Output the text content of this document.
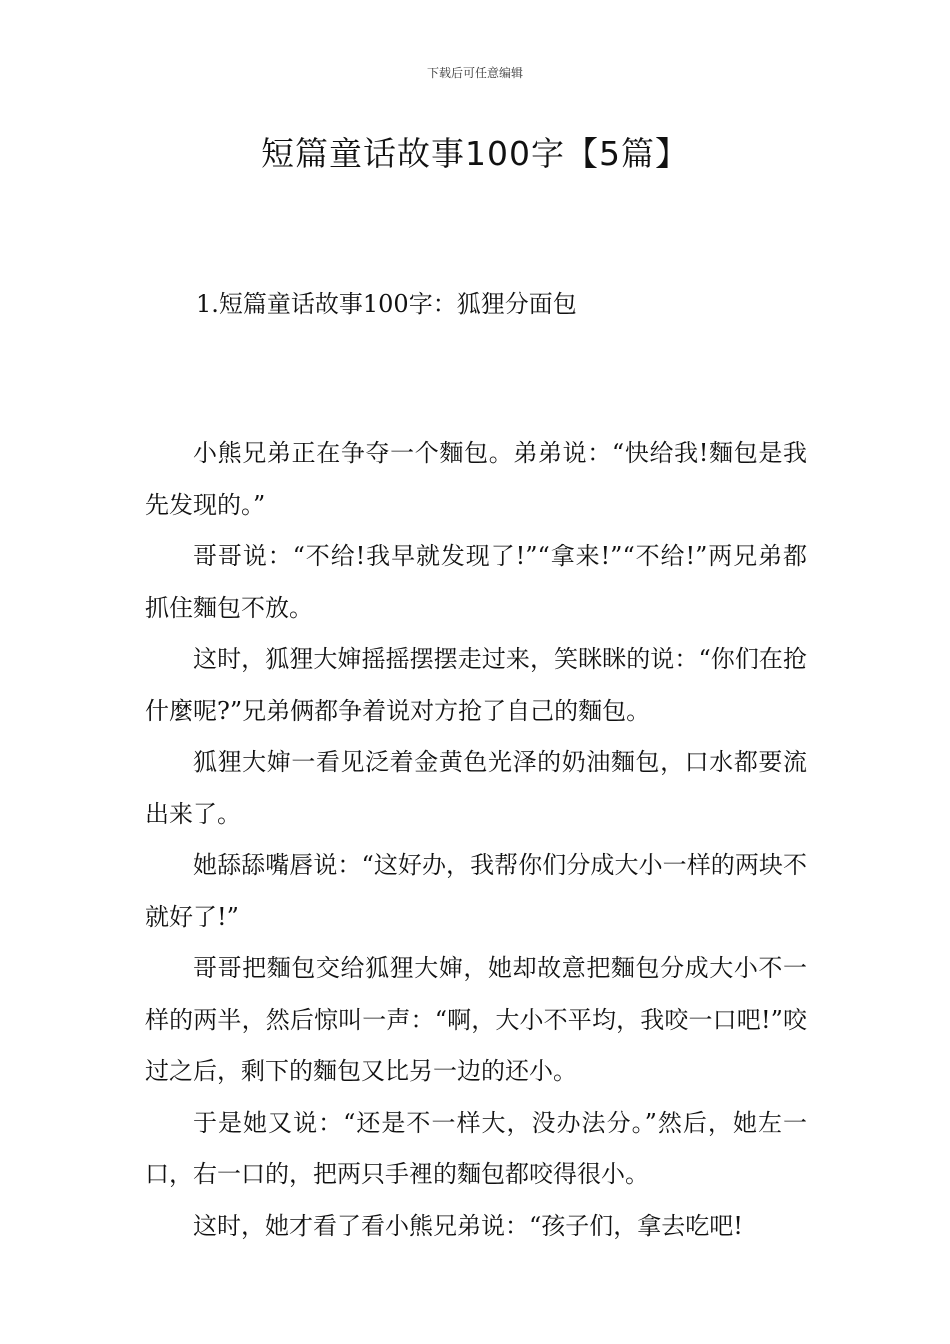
下载后可任意编辑
短篇童话故事100字【5篇】
1.短篇童话故事100字：狐狸分面包

小熊兄弟正在争夺一个麵包。弟弟说：“快给我!麵包是我先发现的。”

哥哥说：“不给!我早就发现了!”“拿来!”“不给!”两兄弟都抓住麵包不放。

这时，狐狸大婶摇摇摆摆走过来，笑眯眯的说：“你们在抢什麼呢?”兄弟俩都争着说对方抢了自己的麵包。

狐狸大婶一看见泛着金黄色光泽的奶油麵包，口水都要流出来了。

她舔舔嘴唇说：“这好办，我帮你们分成大小一样的两块不就好了!”

哥哥把麵包交给狐狸大婶，她却故意把麵包分成大小不一样的两半，然后惊叫一声：“啊，大小不平均，我咬一口吧!”咬过之后，剩下的麵包又比另一边的还小。

于是她又说：“还是不一样大，没办法分。”然后，她左一口，右一口的，把两只手裡的麵包都咬得很小。

这时，她才看了看小熊兄弟说：“孩子们，拿去吃吧!
